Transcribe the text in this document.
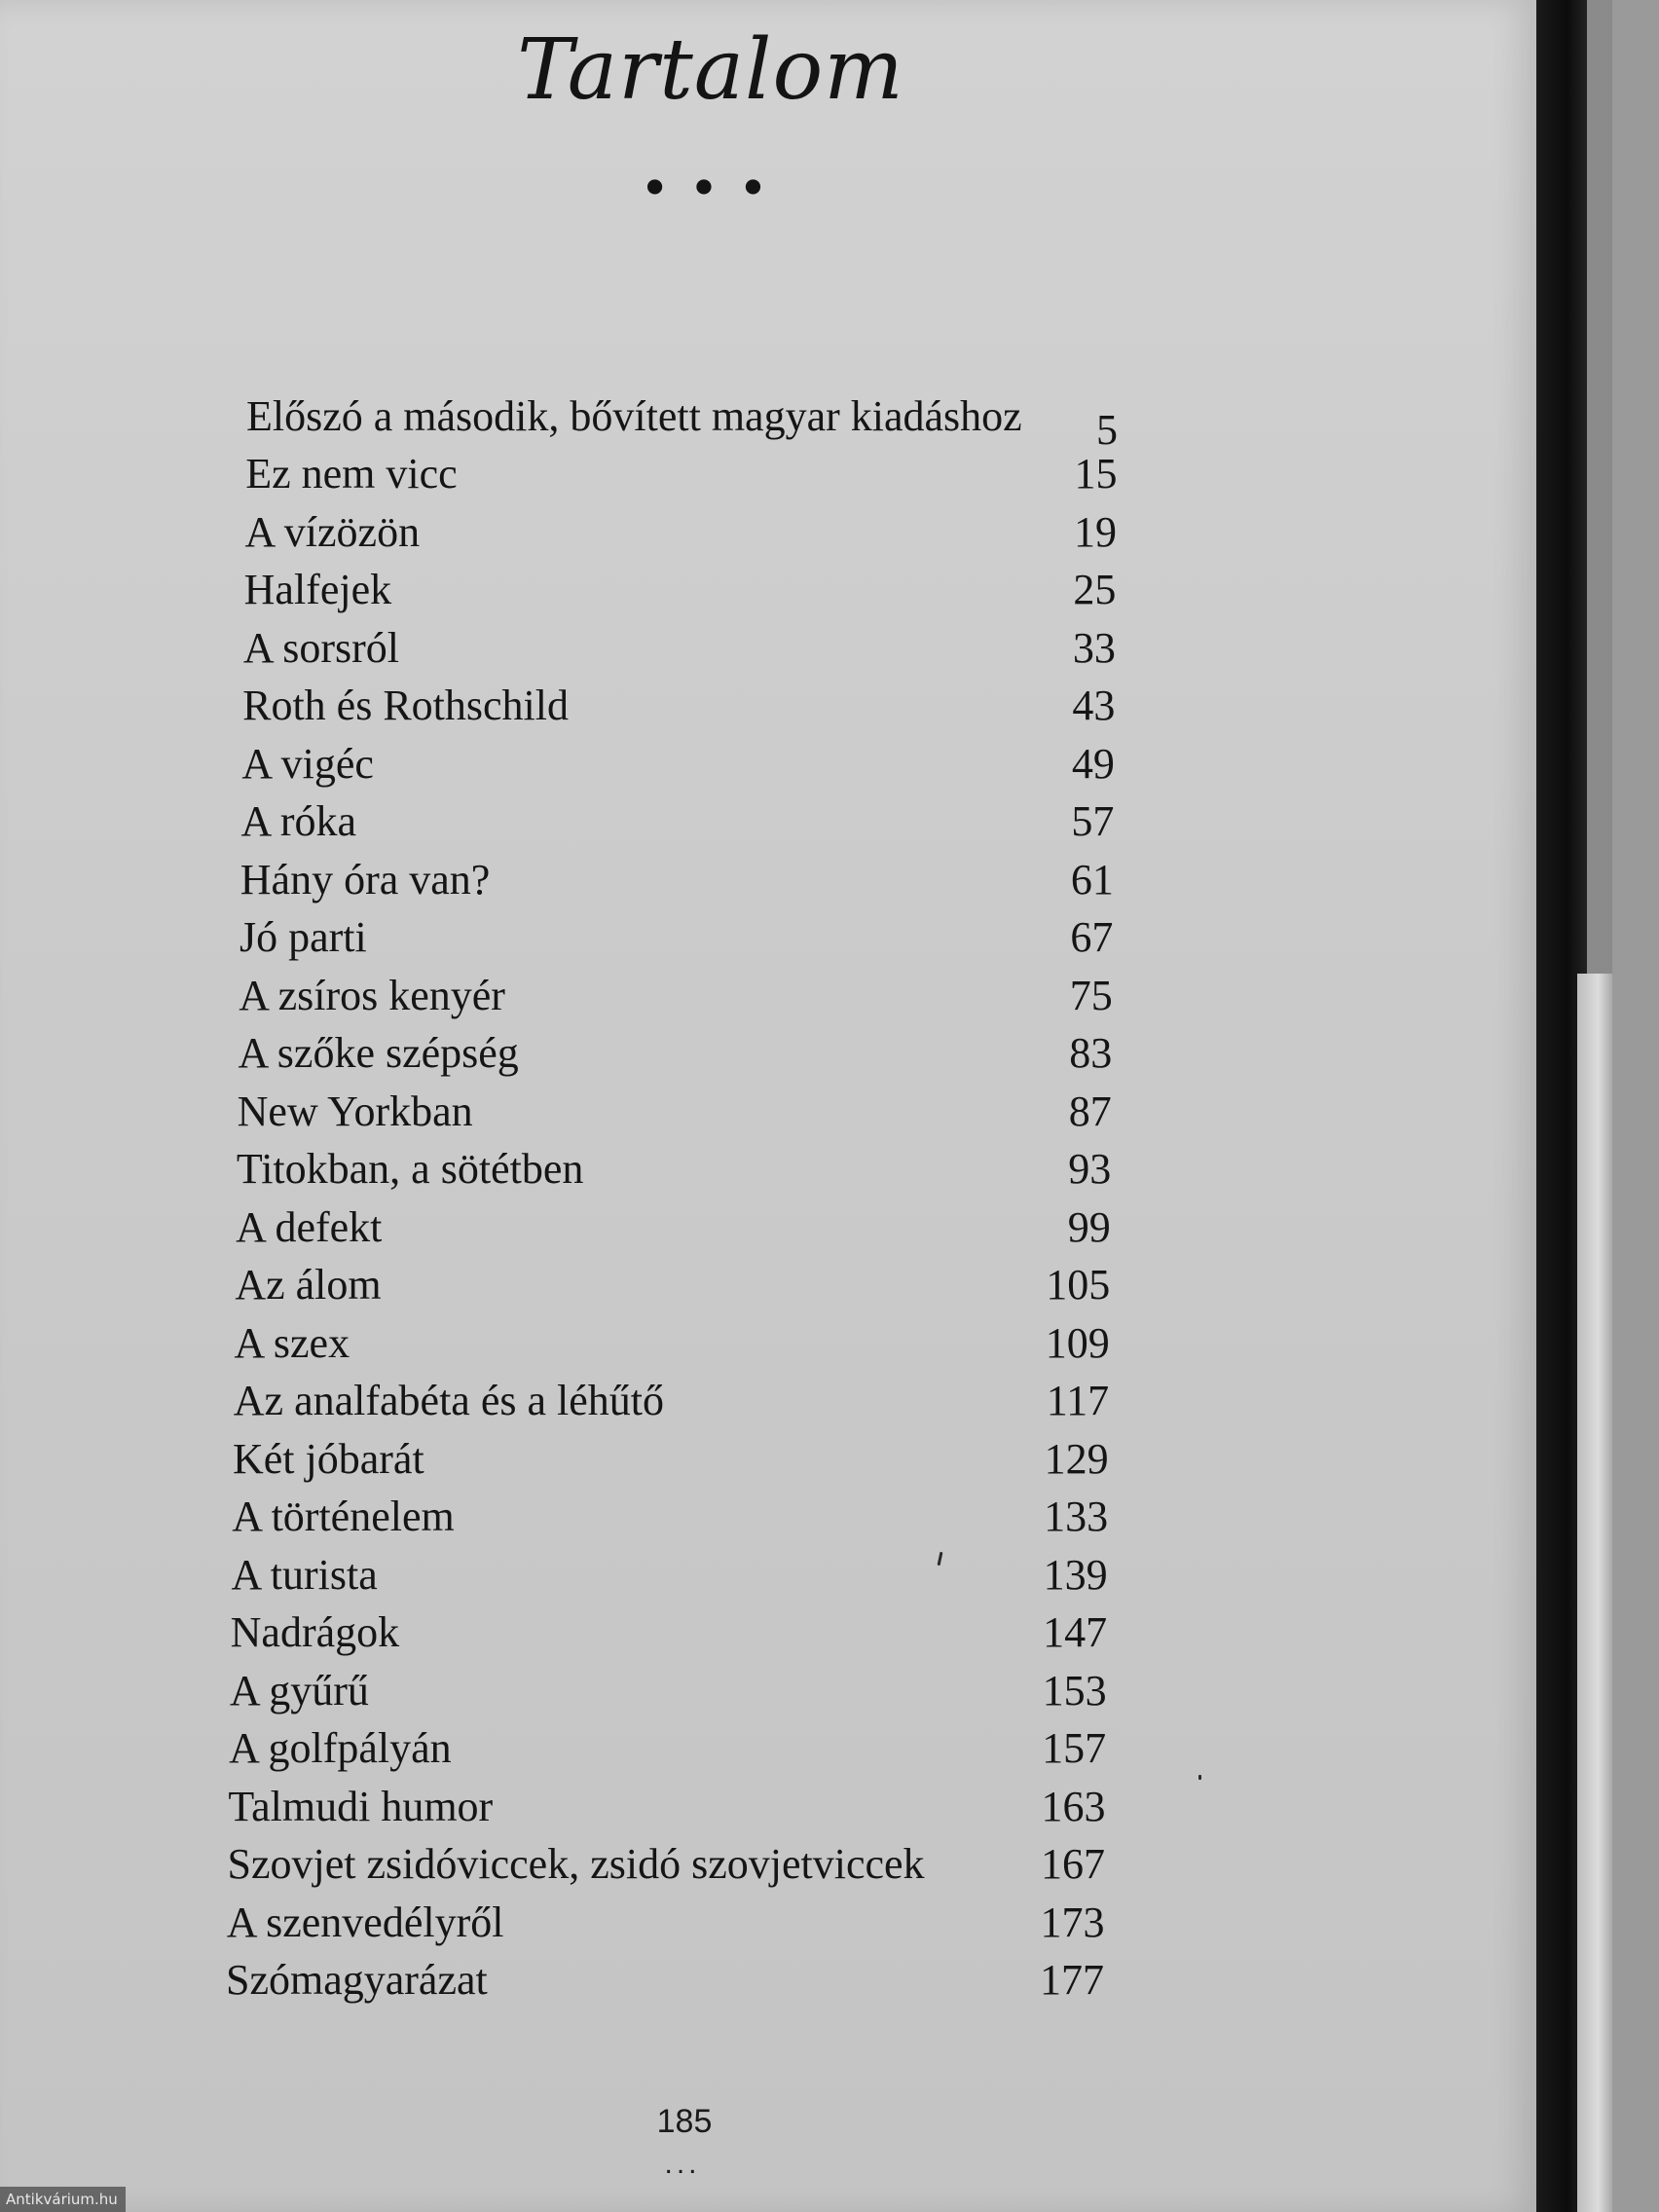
Tartalom
• • •
Előszó a második, bővített magyar kiadáshoz 5
Ez nem vicc	15
A vízözön	19
Halfejek	25
A sorsról	33
Roth és Rothschild	43
A vigéc	49
A róka	57
Hány óra van?	61
Jó parti	67
A zsíros kenyér	75
A szőke szépség	83
New Yorkban	87
Titokban, a sötétben	93
A defekt	99
Az álom	105
A szex	109
Az analfabéta és a léhűtő	117
Két jóbarát	129
A történelem	133
A turista	139
Nadrágok	147
A gyűrű	153
A golfpályán	157
Talmudi humor	163
Szovjet zsidóviccek, zsidó szovjetviccek	167
A szenvedélyről	173
Szómagyarázat	177
185
...
Antikvárium.hu
